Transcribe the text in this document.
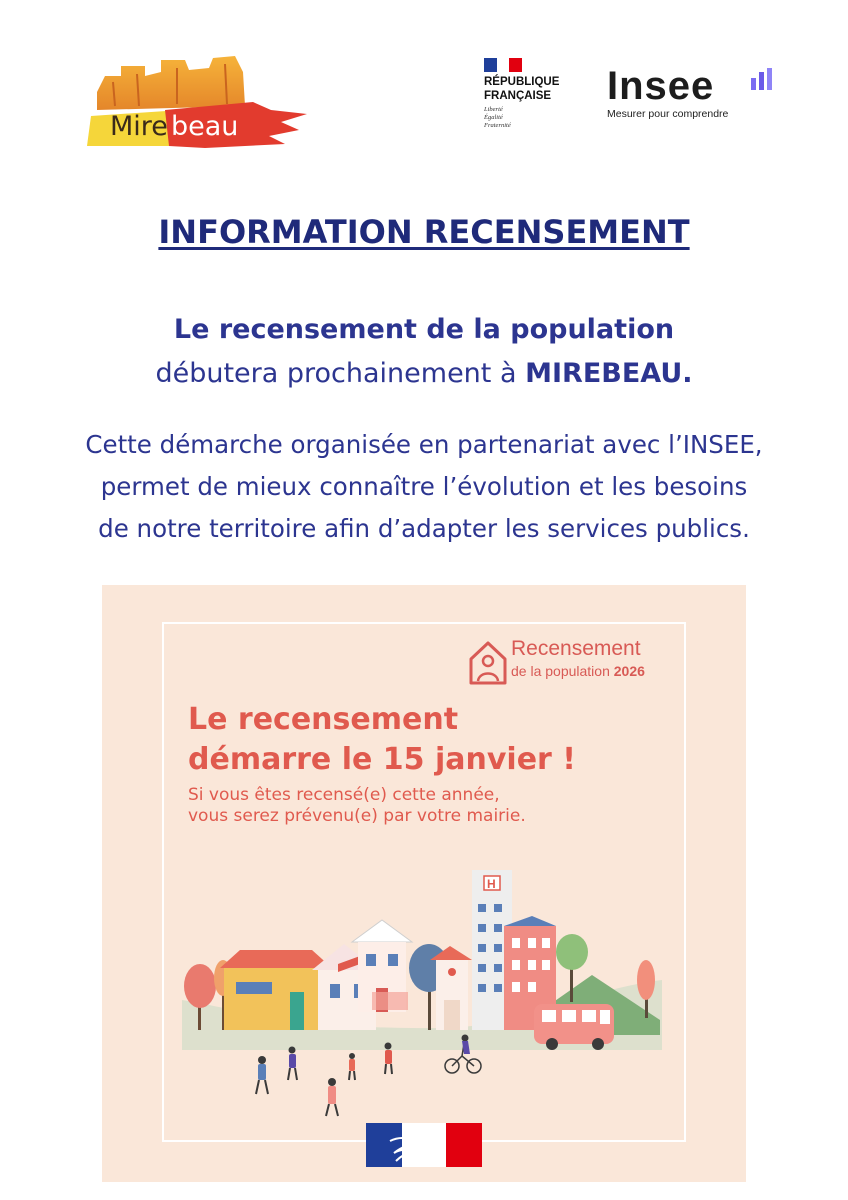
Mire beau
RÉPUBLIQUE
FRANÇAISE
Liberté
Égalité
Fraternité
Insee
Mesurer pour comprendre
INFORMATION RECENSEMENT
Le recensement de la population
débutera prochainement à MIREBEAU.
Cette démarche organisée en partenariat avec l’INSEE,
permet de mieux connaître l’évolution et les besoins
de notre territoire afin d’adapter les services publics.
Recensement
de la population 2026
Le recensement
démarre le 15 janvier !
Si vous êtes recensé(e) cette année,
vous serez prévenu(e) par votre mairie.
H
